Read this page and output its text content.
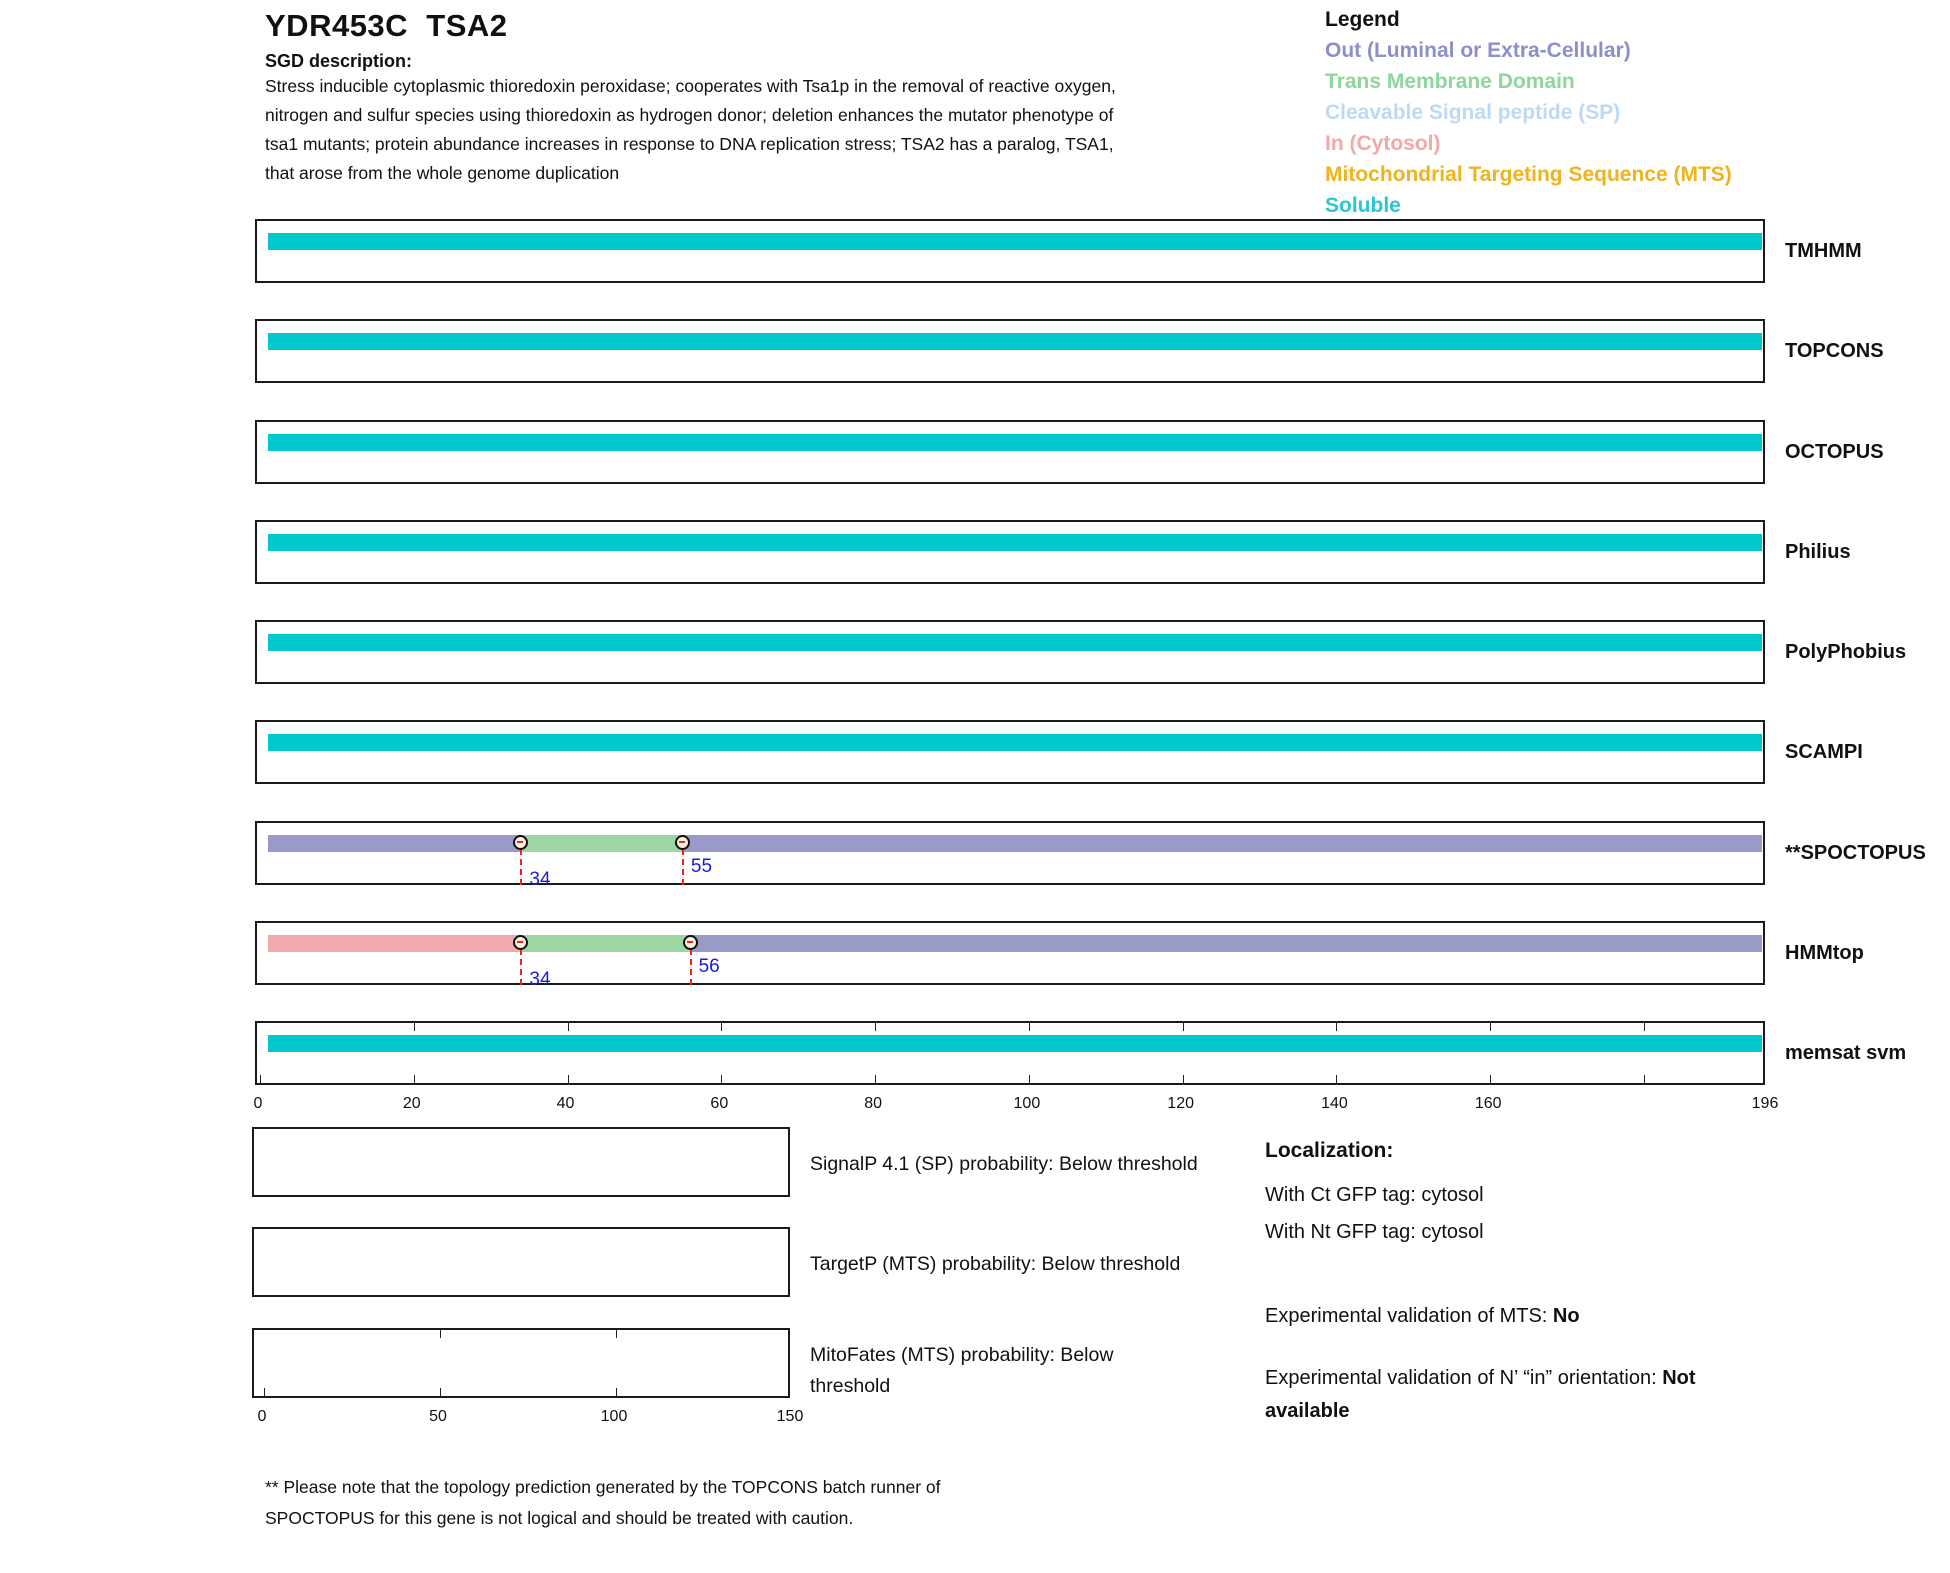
YDR453C  TSA2
SGD description:
Stress inducible cytoplasmic thioredoxin peroxidase; cooperates with Tsa1p in the removal of reactive oxygen,
nitrogen and sulfur species using thioredoxin as hydrogen donor; deletion enhances the mutator phenotype of
tsa1 mutants; protein abundance increases in response to DNA replication stress; TSA2 has a paralog, TSA1,
that arose from the whole genome duplication
Legend
Out (Luminal or Extra-Cellular)
Trans Membrane Domain
Cleavable Signal peptide (SP)
In (Cytosol)
Mitochondrial Targeting Sequence (MTS)
Soluble
TMHMM
TOPCONS
OCTOPUS
Philius
PolyPhobius
SCAMPI
34
55
**SPOCTOPUS
34
56
HMMtop
memsat svm
0	20	40	60	80	100	120	140	160	196
SignalP 4.1 (SP) probability: Below threshold
TargetP (MTS) probability: Below threshold
0	50	100	150
MitoFates (MTS) probability: Below
threshold
Localization:
With Ct GFP tag: cytosol
With Nt GFP tag: cytosol
Experimental validation of MTS: No
Experimental validation of N’ “in” orientation: Not available
** Please note that the topology prediction generated by the TOPCONS batch runner of
SPOCTOPUS for this gene is not logical and should be treated with caution.
